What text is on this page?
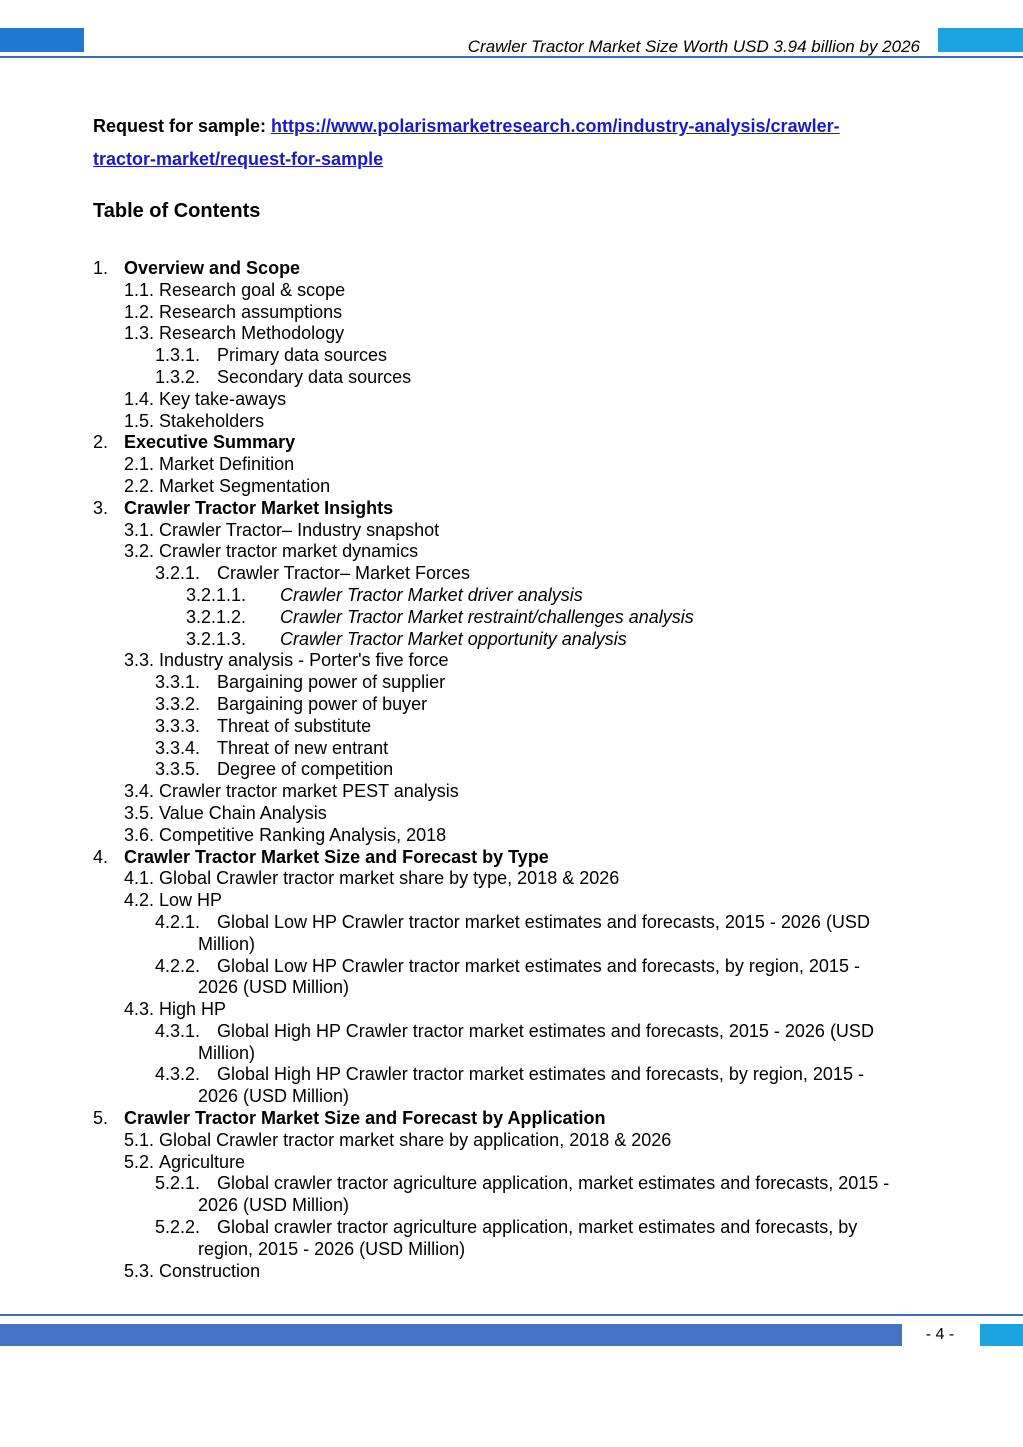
Crawler Tractor Market Size Worth USD 3.94 billion by 2026
Request for sample: https://www.polarismarketresearch.com/industry-analysis/crawler-
tractor-market/request-for-sample
Table of Contents
1. Overview and Scope
1.1. Research goal & scope
1.2. Research assumptions
1.3. Research Methodology
1.3.1. Primary data sources
1.3.2. Secondary data sources
1.4. Key take-aways
1.5. Stakeholders
2. Executive Summary
2.1. Market Definition
2.2. Market Segmentation
3. Crawler Tractor Market Insights
3.1. Crawler Tractor– Industry snapshot
3.2. Crawler tractor market dynamics
3.2.1. Crawler Tractor– Market Forces
3.2.1.1.	Crawler Tractor Market driver analysis
3.2.1.2.	Crawler Tractor Market restraint/challenges analysis
3.2.1.3.	Crawler Tractor Market opportunity analysis
3.3. Industry analysis - Porter's five force
3.3.1. Bargaining power of supplier
3.3.2. Bargaining power of buyer
3.3.3. Threat of substitute
3.3.4. Threat of new entrant
3.3.5. Degree of competition
3.4. Crawler tractor market PEST analysis
3.5. Value Chain Analysis
3.6. Competitive Ranking Analysis, 2018
4. Crawler Tractor Market Size and Forecast by Type
4.1. Global Crawler tractor market share by type, 2018 & 2026
4.2. Low HP
4.2.1. Global Low HP Crawler tractor market estimates and forecasts, 2015 - 2026 (USD
Million)
4.2.2. Global Low HP Crawler tractor market estimates and forecasts, by region, 2015 -
2026 (USD Million)
4.3. High HP
4.3.1. Global High HP Crawler tractor market estimates and forecasts, 2015 - 2026 (USD
Million)
4.3.2. Global High HP Crawler tractor market estimates and forecasts, by region, 2015 -
2026 (USD Million)
5. Crawler Tractor Market Size and Forecast by Application
5.1. Global Crawler tractor market share by application, 2018 & 2026
5.2. Agriculture
5.2.1. Global crawler tractor agriculture application, market estimates and forecasts, 2015 -
2026 (USD Million)
5.2.2. Global crawler tractor agriculture application, market estimates and forecasts, by
region, 2015 - 2026 (USD Million)
5.3. Construction
- 4 -
